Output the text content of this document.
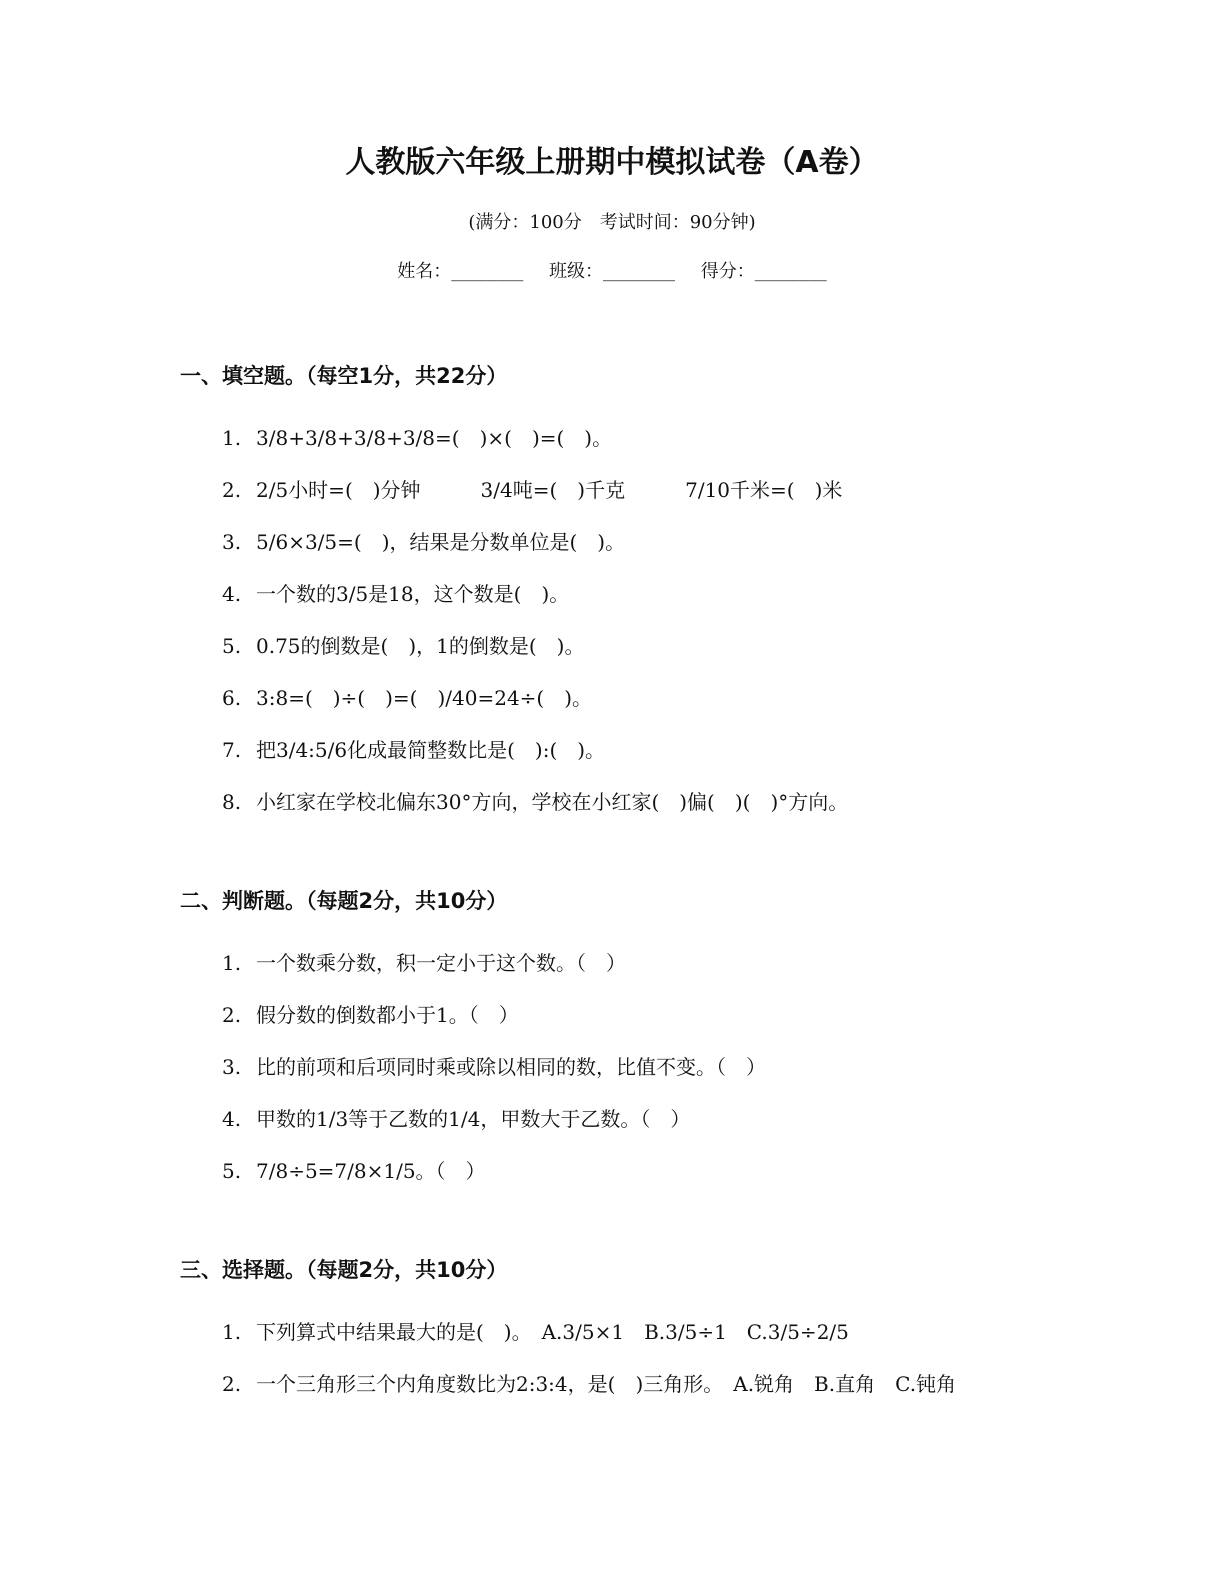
人教版六年级上册期中模拟试卷（A卷）
(满分：100分　考试时间：90分钟)
姓名：________ 班级：________ 得分：________
一、填空题。（每空1分，共22分）
1. 3/8+3/8+3/8+3/8=(　)×(　)=(　)。
2. 2/5小时=(　)分钟　　　3/4吨=(　)千克　　　7/10千米=(　)米
3. 5/6×3/5=(　)，结果是分数单位是(　)。
4. 一个数的3/5是18，这个数是(　)。
5. 0.75的倒数是(　)，1的倒数是(　)。
6. 3:8=(　)÷(　)=(　)/40=24÷(　)。
7. 把3/4:5/6化成最简整数比是(　):(　)。
8. 小红家在学校北偏东30°方向，学校在小红家(　)偏(　)(　)°方向。
二、判断题。（每题2分，共10分）
1. 一个数乘分数，积一定小于这个数。（　）
2. 假分数的倒数都小于1。（　）
3. 比的前项和后项同时乘或除以相同的数，比值不变。（　）
4. 甲数的1/3等于乙数的1/4，甲数大于乙数。（　）
5. 7/8÷5=7/8×1/5。（　）
三、选择题。（每题2分，共10分）
1. 下列算式中结果最大的是(　)。　A.3/5×1　B.3/5÷1　C.3/5÷2/5
2. 一个三角形三个内角度数比为2:3:4，是(　)三角形。　A.锐角　B.直角　C.钝角
